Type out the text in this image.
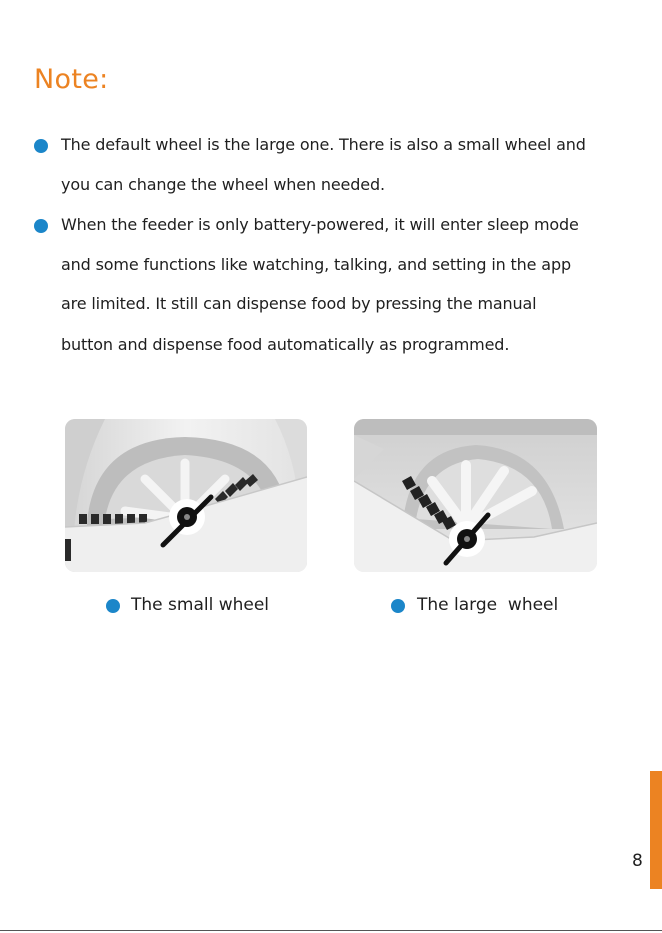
Note:
The default wheel is the large one. There is also a small wheel and
you can change the wheel when needed.
When the feeder is only battery-powered, it will enter sleep mode
and some functions like watching, talking, and setting in the app
are limited. It still can dispense food by pressing the manual
button and dispense food automatically as programmed.
The small wheel	The large  wheel
8
